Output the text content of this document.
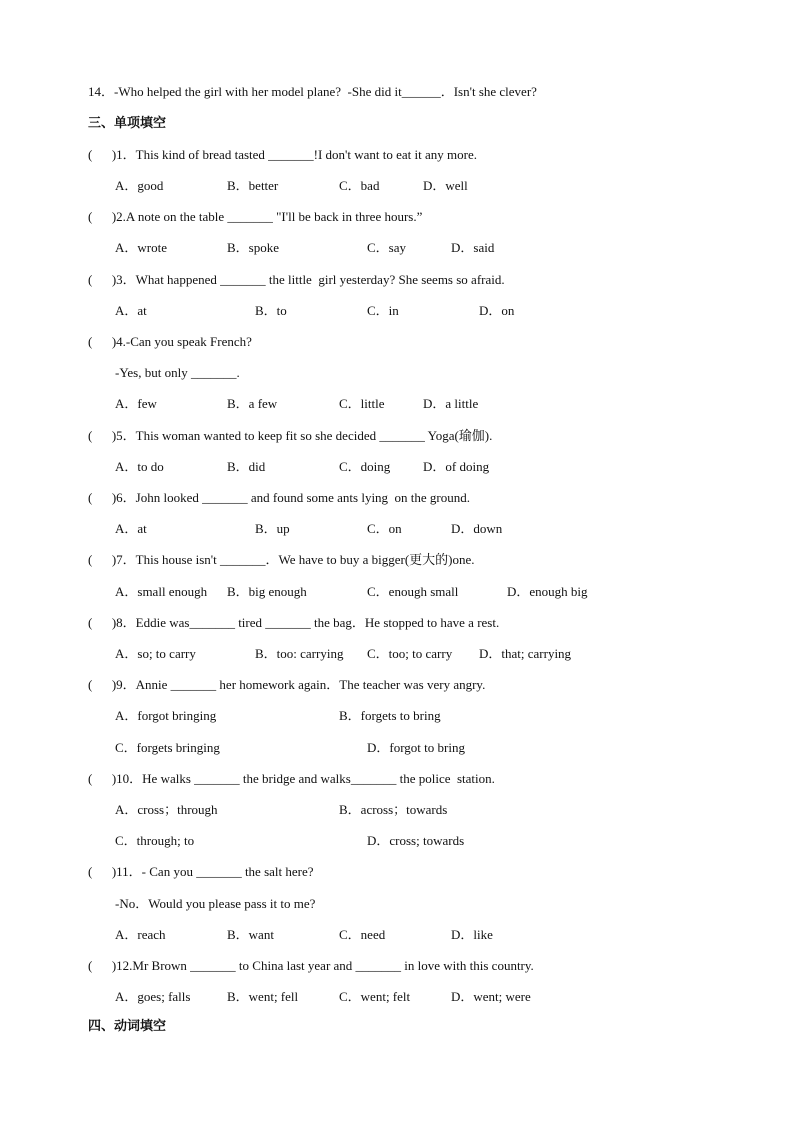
14．-Who helped the girl with her model plane?  -She did it______．Isn't she clever?
三、单项填空
(      )1．This kind of bread tasted _______!I don't want to eat it any more.
A．good	B．better	C．bad	D．well
(      )2.A note on the table _______ "I'll be back in three hours.”
A．wrote	B．spoke	C．say	D．said
(      )3．What happened _______ the little  girl yesterday? She seems so afraid.
A．at	B．to	C．in	D．on
(      )4.-Can you speak French?
-Yes, but only _______.
A．few	B．a few	C．little	D．a little
(      )5．This woman wanted to keep fit so she decided _______ Yoga(瑜伽).
A．to do	B．did	C．doing	D．of doing
(      )6．John looked _______ and found some ants lying  on the ground.
A．at	B．up	C．on	D．down
(      )7．This house isn't _______．We have to buy a bigger(更大的)one.
A．small enough B．big enough	C．enough small	D．enough big
(      )8．Eddie was_______ tired _______ the bag．He stopped to have a rest.
A．so; to carry	B．too: carrying C．too; to carry D．that; carrying
(      )9．Annie _______ her homework again．The teacher was very angry.
A．forgot bringing	B．forgets to bring
C．forgets bringing	D．forgot to bring
(      )10．He walks _______ the bridge and walks_______ the police  station.
A．cross；through	B．across；towards
C．through; to	D．cross; towards
(      )11．- Can you _______ the salt here?
-No．Would you please pass it to me?
A．reach	B．want	C．need	D．like
(      )12.Mr Brown _______ to China last year and _______ in love with this country.
A．goes; falls	B．went; fell	C．went; felt	D．went; were
四、动词填空
